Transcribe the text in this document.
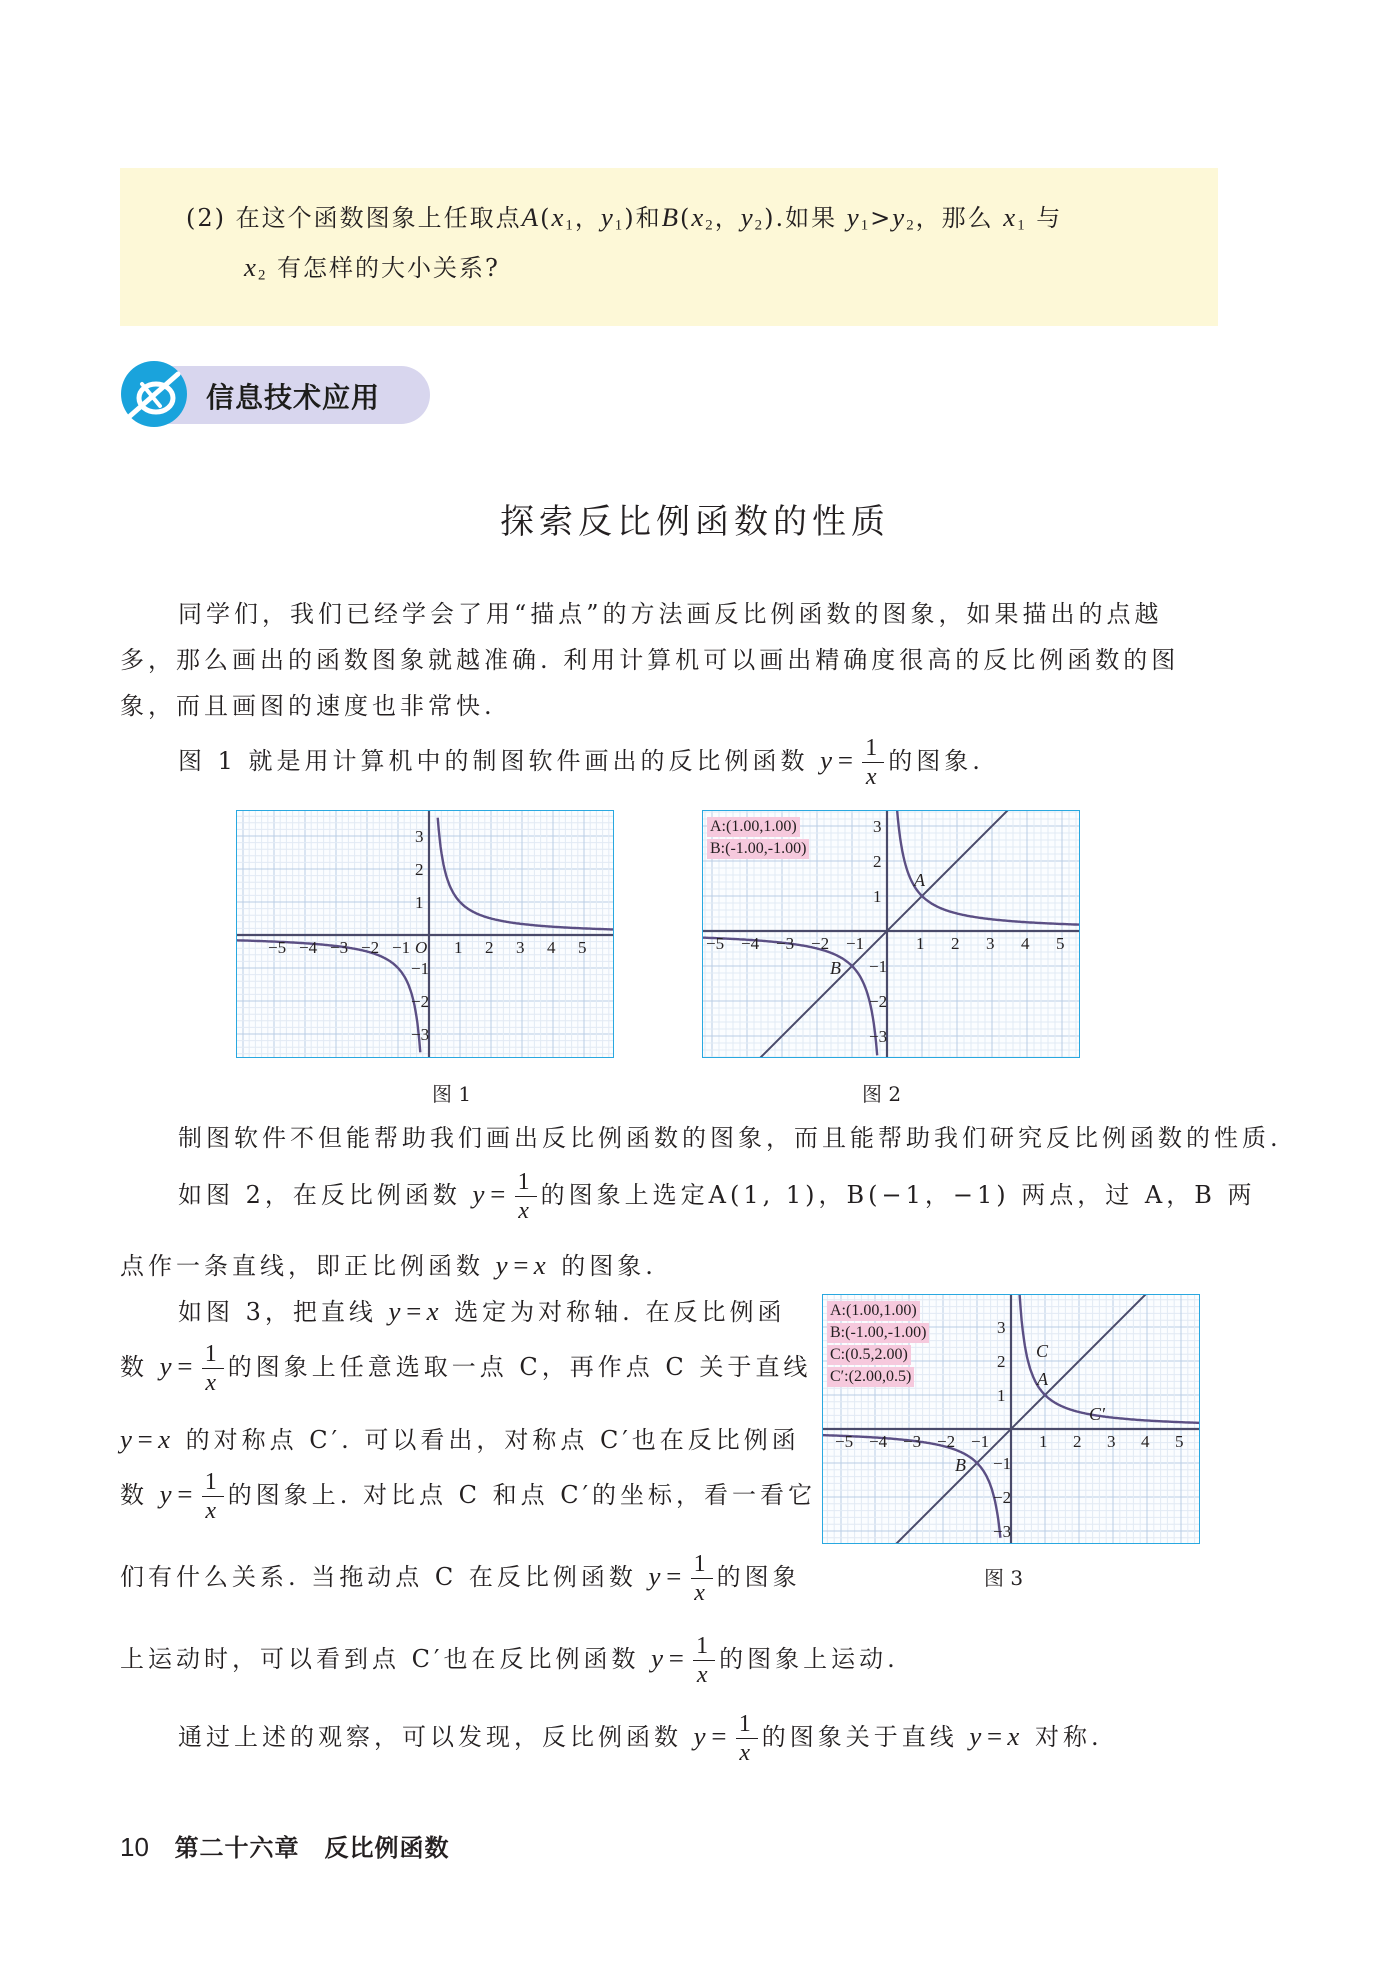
(2) 在这个函数图象上任取点$A(x_1$，$y_1$)和$B(x_2$，$y_2$).如果 $y_1>y_2$，那么 $x_1$ 与
$x_2$ 有怎样的大小关系?
信息技术应用
探索反比例函数的性质
同学们，我们已经学会了用“描点”的方法画反比例函数的图象，如果描出的点越
多，那么画出的函数图象就越准确. 利用计算机可以画出精确度很高的反比例函数的图
象，而且画图的速度也非常快.
图 1 就是用计算机中的制图软件画出的反比例函数 $y= \frac{1}{x}$ 的图象.
−5 −4 −3 −2 −1	1 2 3 4 5
3
2
1
−1
−2
−3
O
图 1
−5 −4 −3 −2 −1	1 2 3 4 5
3
2
1
−1
−2
−3
A
B
A:(1.00,1.00)
B:(-1.00,-1.00)
图 2
制图软件不但能帮助我们画出反比例函数的图象，而且能帮助我们研究反比例函数的性质.
如图 2，在反比例函数 $y= \frac{1}{x}$ 的图象上选定A(1, 1)，B(−1，−1) 两点，过 A，B 两
点作一条直线，即正比例函数 y=x 的图象.
如图 3，把直线 y=x 选定为对称轴. 在反比例函
数 $y= \frac{1}{x}$ 的图象上任意选取一点 C，再作点 C 关于直线
y=x 的对称点 C′. 可以看出，对称点 C′也在反比例函
数 $y= \frac{1}{x}$ 的图象上. 对比点 C 和点 C′的坐标，看一看它
们有什么关系. 当拖动点 C 在反比例函数 $y= \frac{1}{x}$ 的图象
−5 −4 −3 −2 −1	1 2 3 4 5
3
2
1
−1
−2
−3
A
B
C
C′
A:(1.00,1.00)
B:(-1.00,-1.00)
C:(0.5,2.00)
C′:(2.00,0.5)
图 3
上运动时，可以看到点 C′也在反比例函数 $y= \frac{1}{x}$ 的图象上运动.
通过上述的观察，可以发现，反比例函数 $y= \frac{1}{x}$ 的图象关于直线 y=x 对称.
10 第二十六章　反比例函数
